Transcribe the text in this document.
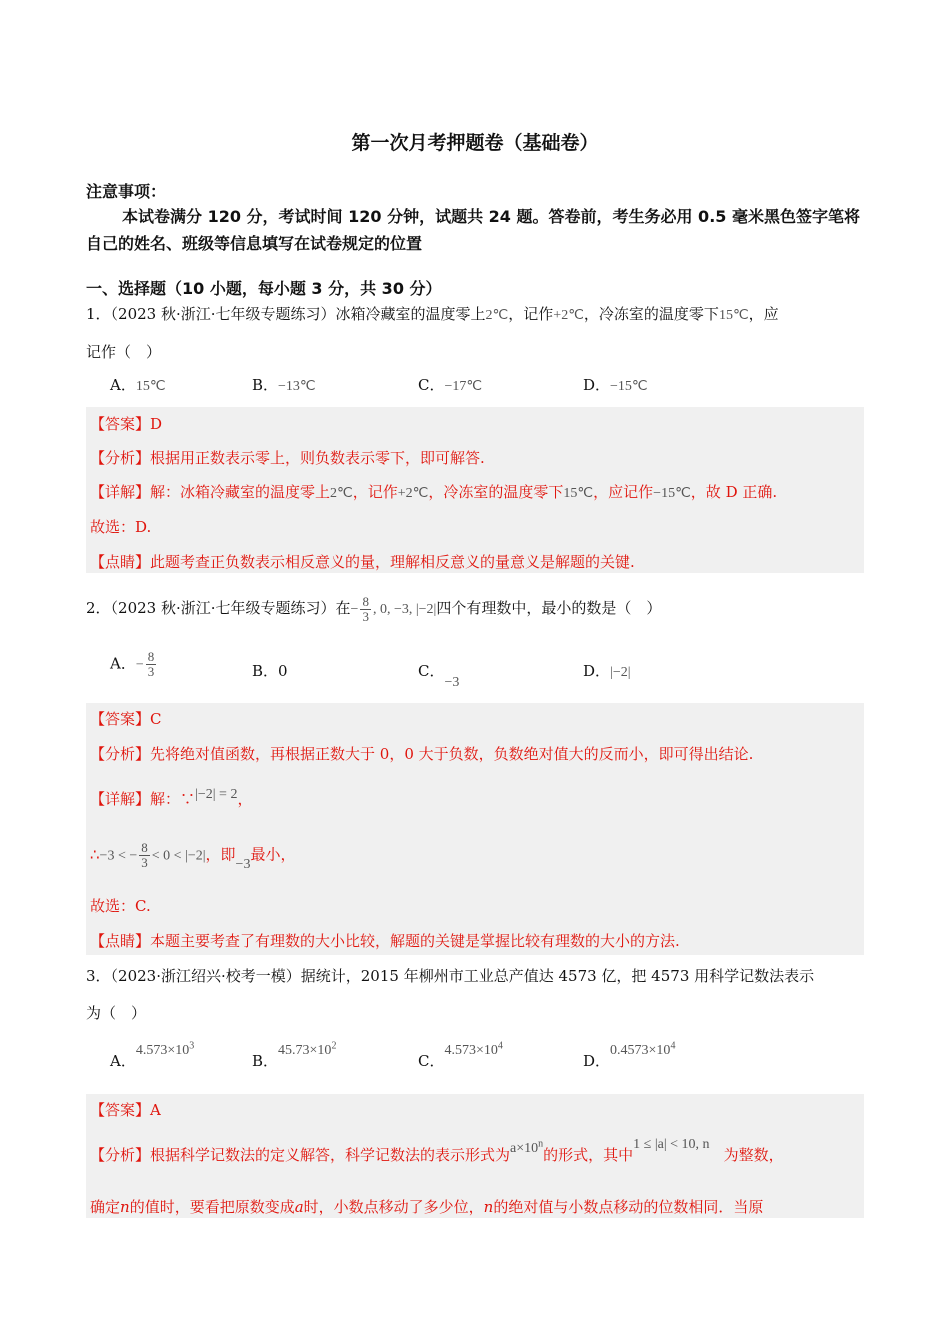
第一次月考押题卷（基础卷）
注意事项：
本试卷满分 120 分，考试时间 120 分钟，试题共 24 题。答卷前，考生务必用 0.5 毫米黑色签字笔将自己的姓名、班级等信息填写在试卷规定的位置
一、选择题（10 小题，每小题 3 分，共 30 分）
1．（2023 秋·浙江·七年级专题练习）冰箱冷藏室的温度零上2℃，记作+2℃，冷冻室的温度零下15℃，应
记作（　）
A．15℃	B．−13℃	C．−17℃	D．−15℃
【答案】D
【分析】根据用正数表示零上，则负数表示零下，即可解答.
【详解】解：冰箱冷藏室的温度零上2℃，记作+2℃，冷冻室的温度零下15℃，应记作−15℃，故 D 正确.
故选：D.
【点睛】此题考查正负数表示相反意义的量，理解相反意义的量意义是解题的关键.
2．（2023 秋·浙江·七年级专题练习）在− $\frac{8}{3}$ , 0, −3, |−2|四个有理数中，最小的数是（　）
A．− $\frac{8}{3}$	B．0	C．−3
D．|−2|
【答案】C
【分析】先将绝对值函数，再根据正数大于 0，0 大于负数，负数绝对值大的反而小，即可得出结论.
【详解】解：∵|−2| = 2，
∴−3 < − $\frac{8}{3} < 0 < |-2|$，即−3最小，
故选：C.
【点睛】本题主要考查了有理数的大小比较，解题的关键是掌握比较有理数的大小的方法.
3．（2023·浙江绍兴·校考一模）据统计，2015 年柳州市工业总产值达 4573 亿，把 4573 用科学记数法表示
为（　）
A．$4.573\times 10^3$
B．$45.73\times 10^2$
C．$4.573\times 10^4$
D．$0.4573\times 10^4$
【答案】A
【分析】根据科学记数法的定义解答，科学记数法的表示形式为$a\times 10^n$的形式，其中1 ≤ |a| < 10, n为整数，
确定n的值时，要看把原数变成a时，小数点移动了多少位，n的绝对值与小数点移动的位数相同．当原
